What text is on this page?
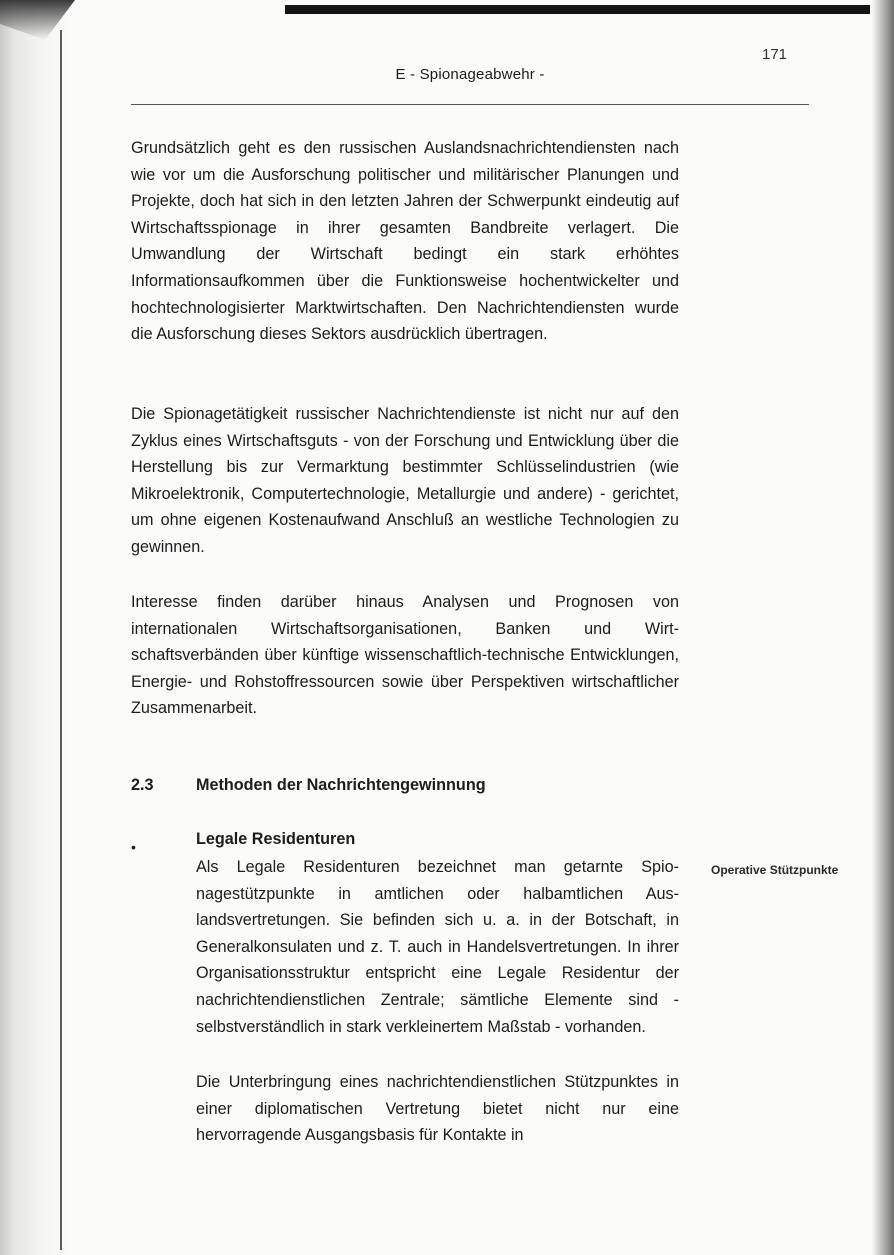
171
E - Spionageabwehr -

Grundsätzlich geht es den russischen Auslandsnachrichtendiensten nach wie vor um die Ausforschung politischer und militärischer Planungen und Projekte, doch hat sich in den letzten Jahren der Schwerpunkt eindeutig auf Wirtschaftsspionage in ihrer gesamten Bandbreite verlagert. Die Umwandlung der Wirtschaft bedingt ein stark erhöhtes Informationsaufkommen über die Funktionsweise hochentwickelter und hochtechnologisierter Marktwirtschaften. Den Nachrichtendiensten wurde die Ausforschung dieses Sektors ausdrücklich übertragen.

Die Spionagetätigkeit russischer Nachrichtendienste ist nicht nur auf den Zyklus eines Wirtschaftsguts - von der Forschung und Entwicklung über die Herstellung bis zur Vermarktung bestimmter Schlüsselindustrien (wie Mikroelektronik, Computertechnologie, Metallurgie und andere) - gerichtet, um ohne eigenen Kostenaufwand Anschluß an westliche Technologien zu gewinnen.

Interesse finden darüber hinaus Analysen und Prognosen von internationalen Wirtschaftsorganisationen, Banken und Wirtschaftsverbänden über künftige wissenschaftlich-technische Entwicklungen, Energie- und Rohstoffressourcen sowie über Perspektiven wirtschaftlicher Zusammenarbeit.

2.3	Methoden der Nachrichtengewinnung
•	Legale Residenturen

Als Legale Residenturen bezeichnet man getarnte Spionagestützpunkte in amtlichen oder halbamtlichen Auslandsvertretungen. Sie befinden sich u. a. in der Botschaft, in Generalkonsulaten und z. T. auch in Handelsvertretungen. In ihrer Organisationsstruktur entspricht eine Legale Residentur der nachrichtendienstlichen Zentrale; sämtliche Elemente sind - selbstverständlich in stark verkleinertem Maßstab - vorhanden.

Die Unterbringung eines nachrichtendienstlichen Stützpunktes in einer diplomatischen Vertretung bietet nicht nur eine hervorragende Ausgangsbasis für Kontakte in

Operative Stützpunkte
